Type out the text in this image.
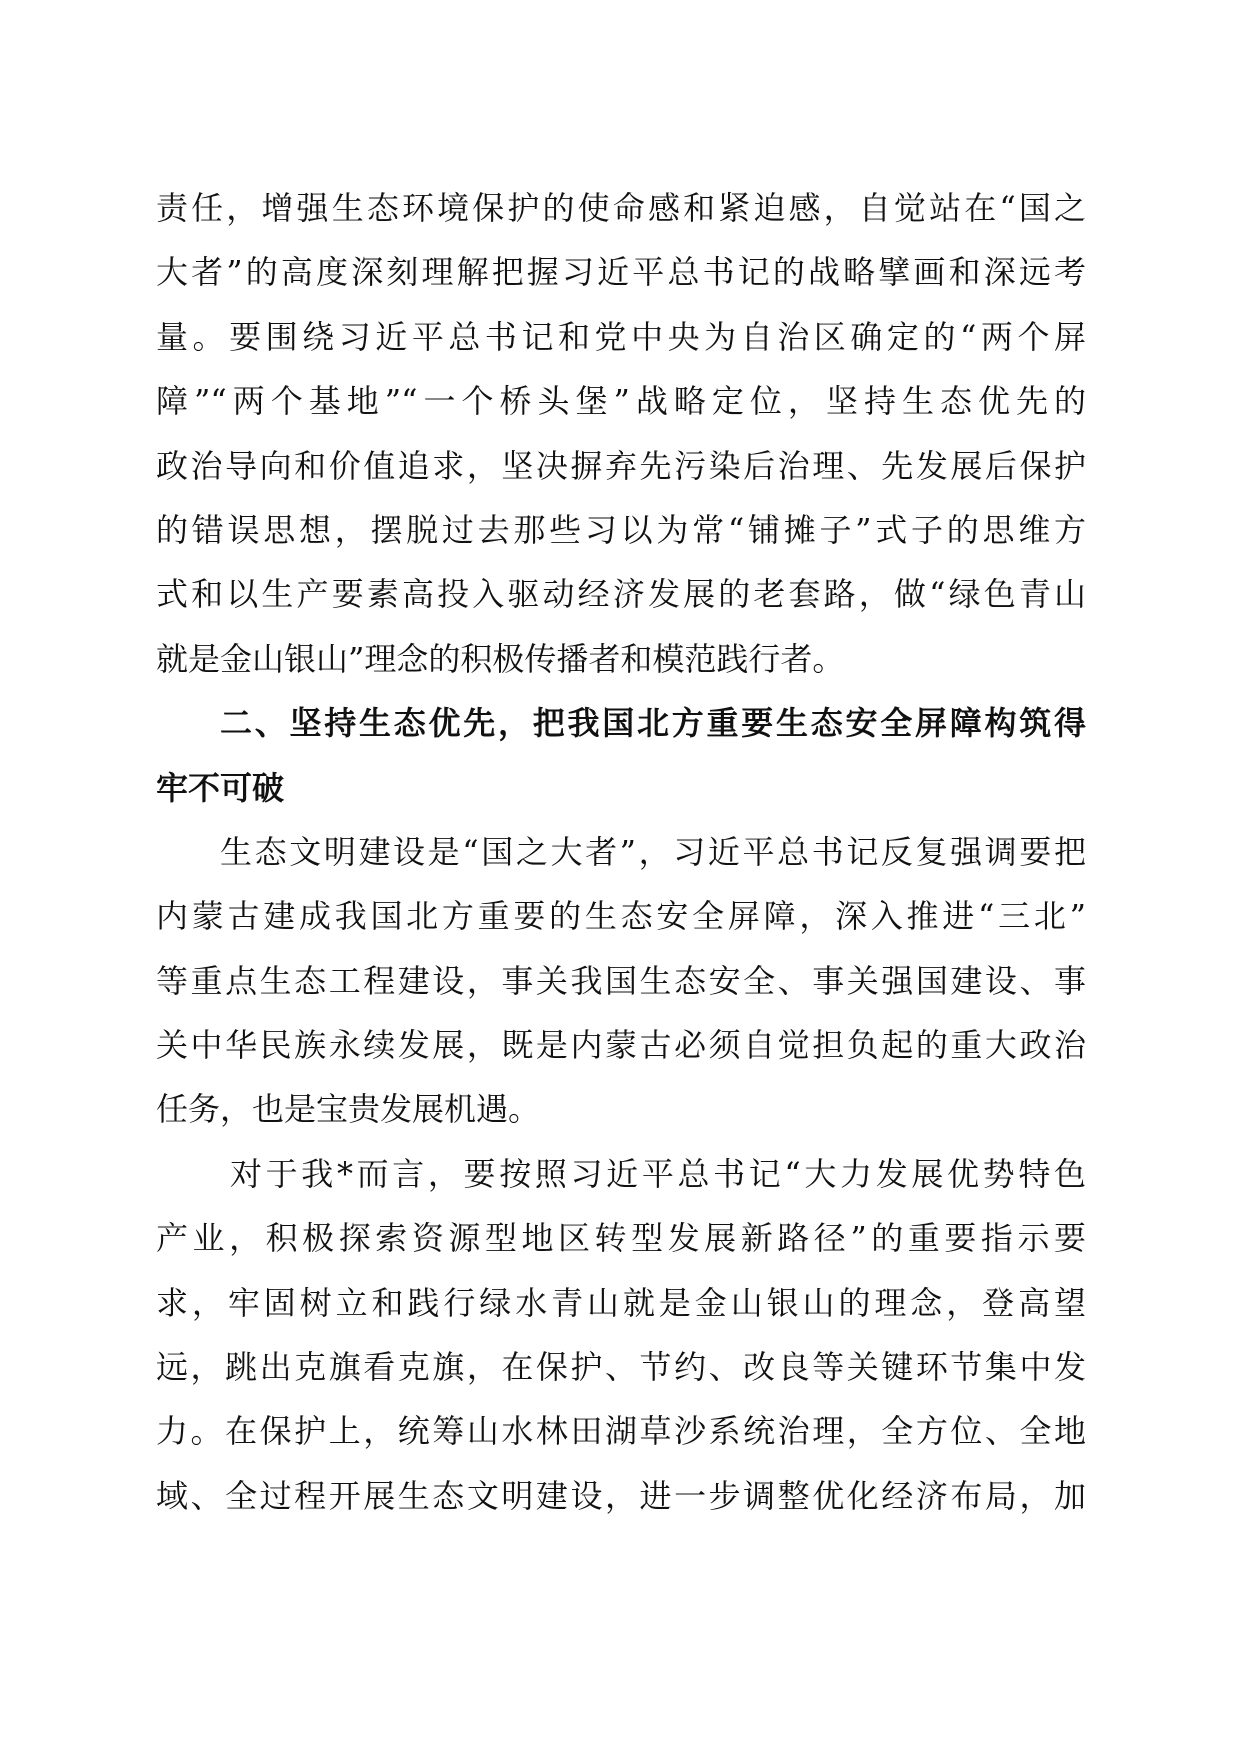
责任，增强生态环境保护的使命感和紧迫感，自觉站在“国之
大者”的高度深刻理解把握习近平总书记的战略擘画和深远考
量。要围绕习近平总书记和党中央为自治区确定的“两个屏
障”“两个基地”“一个桥头堡”战略定位，坚持生态优先的
政治导向和价值追求，坚决摒弃先污染后治理、先发展后保护
的错误思想，摆脱过去那些习以为常“铺摊子”式子的思维方
式和以生产要素高投入驱动经济发展的老套路，做“绿色青山
就是金山银山”理念的积极传播者和模范践行者。
二、坚持生态优先，把我国北方重要生态安全屏障构筑得
牢不可破
生态文明建设是“国之大者”，习近平总书记反复强调要把
内蒙古建成我国北方重要的生态安全屏障，深入推进“三北”
等重点生态工程建设，事关我国生态安全、事关强国建设、事
关中华民族永续发展，既是内蒙古必须自觉担负起的重大政治
任务，也是宝贵发展机遇。
对于我*而言，要按照习近平总书记“大力发展优势特色
产业，积极探索资源型地区转型发展新路径”的重要指示要
求，牢固树立和践行绿水青山就是金山银山的理念，登高望
远，跳出克旗看克旗，在保护、节约、改良等关键环节集中发
力。在保护上，统筹山水林田湖草沙系统治理，全方位、全地
域、全过程开展生态文明建设，进一步调整优化经济布局，加
